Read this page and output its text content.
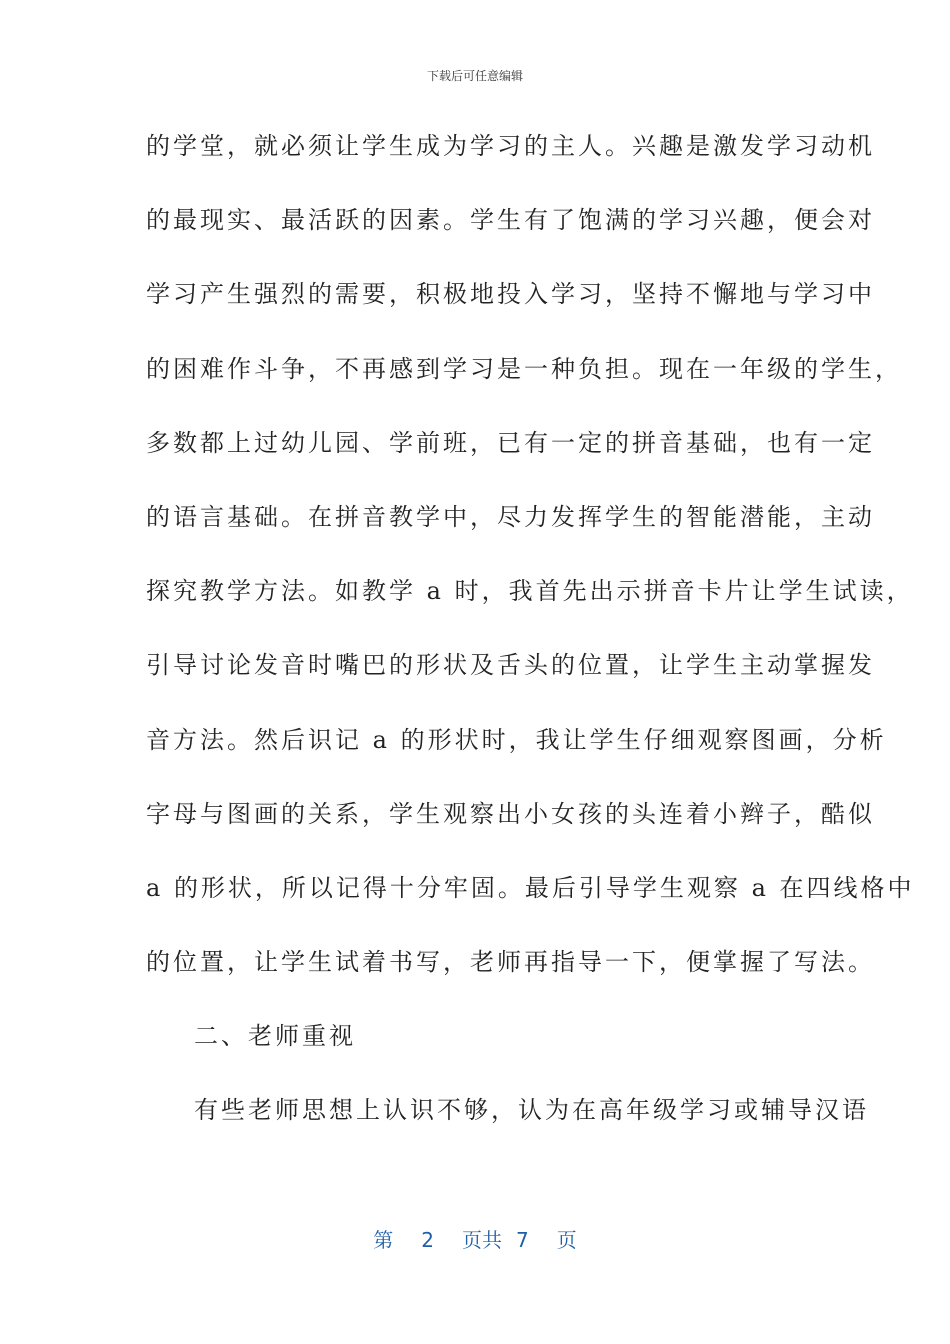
下载后可任意编辑
的学堂，就必须让学生成为学习的主人。兴趣是激发学习动机
的最现实、最活跃的因素。学生有了饱满的学习兴趣，便会对
学习产生强烈的需要，积极地投入学习，坚持不懈地与学习中
的困难作斗争，不再感到学习是一种负担。现在一年级的学生，
多数都上过幼儿园、学前班，已有一定的拼音基础，也有一定
的语言基础。在拼音教学中，尽力发挥学生的智能潜能，主动
探究教学方法。如教学 a 时，我首先出示拼音卡片让学生试读，
引导讨论发音时嘴巴的形状及舌头的位置，让学生主动掌握发
音方法。然后识记 a 的形状时，我让学生仔细观察图画，分析
字母与图画的关系，学生观察出小女孩的头连着小辫子，酷似
a 的形状，所以记得十分牢固。最后引导学生观察 a 在四线格中
的位置，让学生试着书写，老师再指导一下，便掌握了写法。
二、老师重视
有些老师思想上认识不够，认为在高年级学习或辅导汉语
第 2 页共 7 页
